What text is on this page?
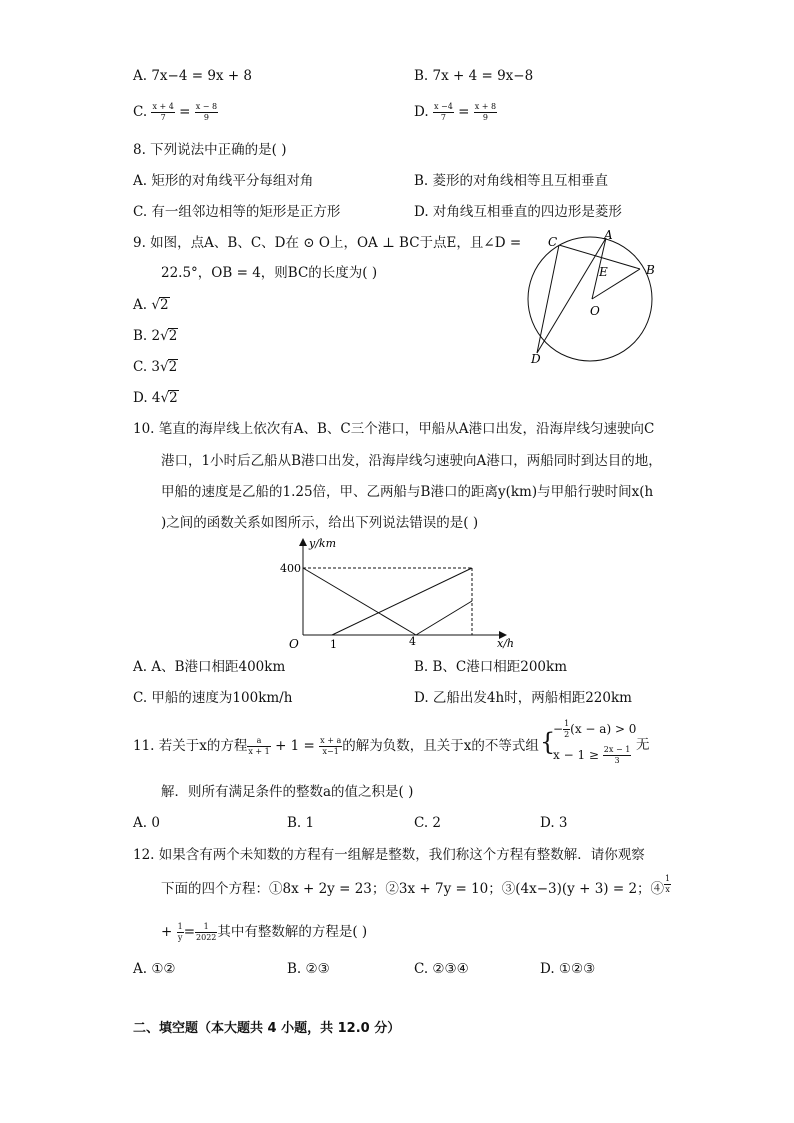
A. 7x−4 = 9x + 8	B. 7x + 4 = 9x−8
C. $\frac{x + 4}{7} = \frac{x - 8}{9}$	D. $\frac{x -4}{7} = \frac{x + 8}{9}$
8. 下列说法中正确的是( )
A. 矩形的对角线平分每组对角	B. 菱形的对角线相等且互相垂直
C. 有一组邻边相等的矩形是正方形	D. 对角线互相垂直的四边形是菱形
9. 如图，点A、B、C、D在 ⊙ O上，OA ⊥ BC于点E，且∠D =
22.5°，OB = 4，则BC的长度为( )
A. √2
B. 2√2
C. 3√2
D. 4√2
C	A
E	B
O
D
10. 笔直的海岸线上依次有A、B、C三个港口，甲船从A港口出发，沿海岸线匀速驶向C
港口，1小时后乙船从B港口出发，沿海岸线匀速驶向A港口，两船同时到达目的地，
甲船的速度是乙船的1.25倍，甲、乙两船与B港口的距离y(km)与甲船行驶时间x(h
)之间的函数关系如图所示，给出下列说法错误的是( )
y/km
x/h
400
O	1	4
A. A、B港口相距400km	B. B、C港口相距200km
C. 甲船的速度为100km/h	D. 乙船出发4h时，两船相距220km
11. 若关于x的方程 $\frac{a}{x + 1} + 1 = \frac{x + a}{x-1}$ 的解为负数，且关于x的不等式组 {
− $\frac{1}{2} (x - a) > 0$
$x - 1 \ge \frac{2x - 1}{3}$ 无
解．则所有满足条件的整数a的值之积是( )
A. 0	B. 1	C. 2	D. 3
12. 如果含有两个未知数的方程有一组解是整数，我们称这个方程有整数解．请你观察
下面的四个方程：①8x + 2y = 23；②3x + 7y = 10；③(4x−3)(y + 3) = 2；④ $\frac{1}{x}$
+ $\frac{1}{y} = \frac{1}{2022}$ 其中有整数解的方程是( )
A. ①②	B. ②③	C. ②③④	D. ①②③
二、填空题（本大题共 4 小题，共 12.0 分）
